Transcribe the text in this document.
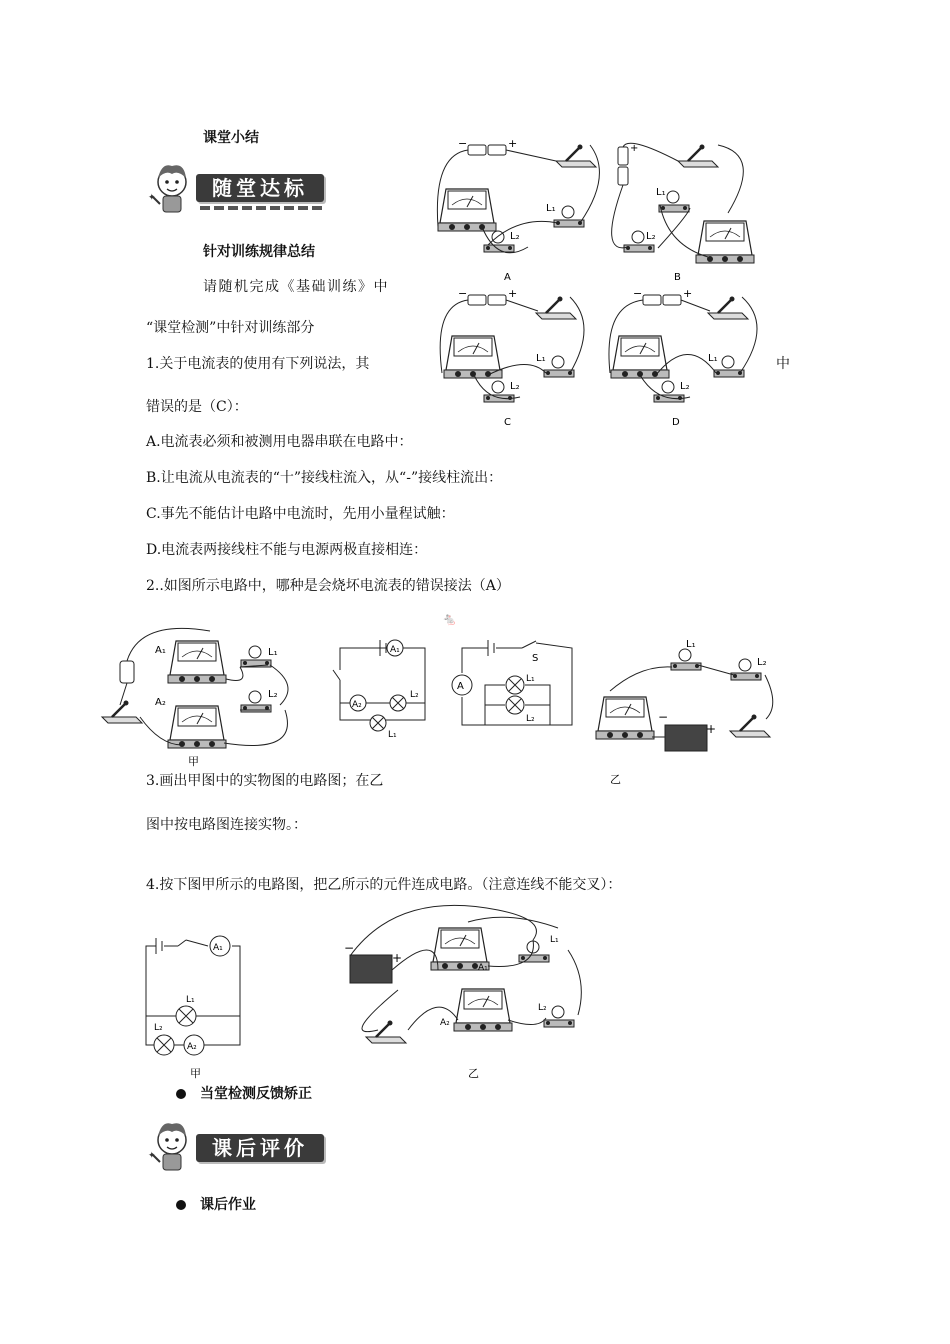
课堂小结
✦	随堂达标
针对训练规律总结
请随机完成《基础训练》中
“课堂检测”中针对训练部分
1.关于电流表的使用有下列说法，其	中
错误的是（C）：
A.电流表必须和被测用电器串联在电路中：
B.让电流从电流表的“十”接线柱流入，从“-”接线柱流出：
C.事先不能估计电路中电流时，先用小量程试触：
D.电流表两接线柱不能与电源两极直接相连：
−	+
L₁
L₂
A
+
L₁
L₂
B
−	+
L₁
L₂
C
−	+
L₁
L₂
D
2..如图所示电路中，哪种是会烧坏电流表的错误接法（A）
🐁
A₁
A₂
L₁
L₂
甲
A₁
A₂
L₂
L₁
A
S
L₁
L₂
L₁
L₂
−
+
乙
3.画出甲图中的实物图的电路图；在乙
图中按电路图连接实物。：
4.按下图甲所示的电路图，把乙所示的元件连成电路。（注意连线不能交叉）：
A₁
L₁
L₂
A₂
甲
−
+
A₁
A₂
L₁
L₂
乙
当堂检测反馈矫正
✦	课后评价
课后作业
